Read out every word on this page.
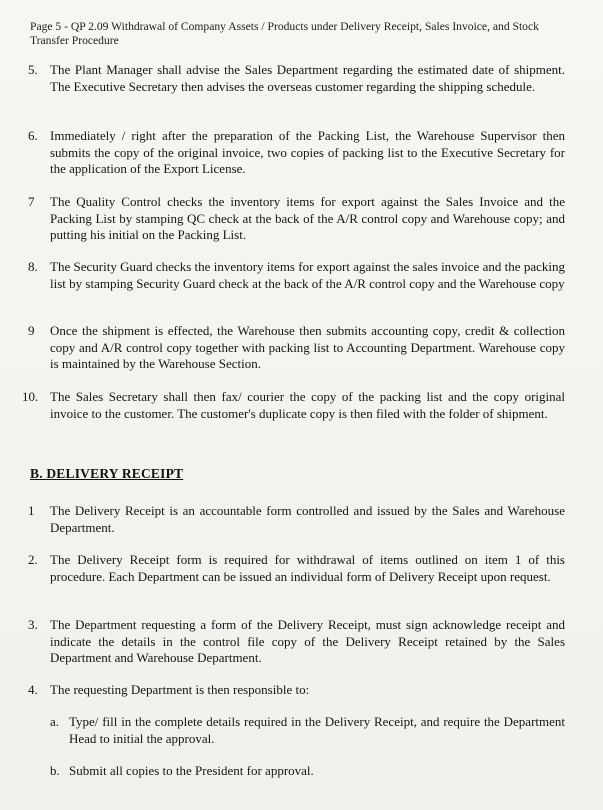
Page 5 - QP 2.09 Withdrawal of Company Assets / Products under Delivery Receipt, Sales Invoice, and Stock Transfer Procedure
5. The Plant Manager shall advise the Sales Department regarding the estimated date of shipment. The Executive Secretary then advises the overseas customer regarding the shipping schedule.
6. Immediately / right after the preparation of the Packing List, the Warehouse Supervisor then submits the copy of the original invoice, two copies of packing list to the Executive Secretary for the application of the Export License.
7	The Quality Control checks the inventory items for export against the Sales Invoice and the Packing List by stamping QC check at the back of the A/R control copy and Warehouse copy; and putting his initial on the Packing List.
8. The Security Guard checks the inventory items for export against the sales invoice and the packing list by stamping Security Guard check at the back of the A/R control copy and the Warehouse copy
9	Once the shipment is effected, the Warehouse then submits accounting copy, credit & collection copy and A/R control copy together with packing list to Accounting Department. Warehouse copy is maintained by the Warehouse Section.
10. The Sales Secretary shall then fax/ courier the copy of the packing list and the copy original invoice to the customer. The customer's duplicate copy is then filed with the folder of shipment.
B. DELIVERY RECEIPT
1	The Delivery Receipt is an accountable form controlled and issued by the Sales and Warehouse Department.
2. The Delivery Receipt form is required for withdrawal of items outlined on item 1 of this procedure. Each Department can be issued an individual form of Delivery Receipt upon request.
3. The Department requesting a form of the Delivery Receipt, must sign acknowledge receipt and indicate the details in the control file copy of the Delivery Receipt retained by the Sales Department and Warehouse Department.
4. The requesting Department is then responsible to:
a. Type/ fill in the complete details required in the Delivery Receipt, and require the Department Head to initial the approval.
b. Submit all copies to the President for approval.
